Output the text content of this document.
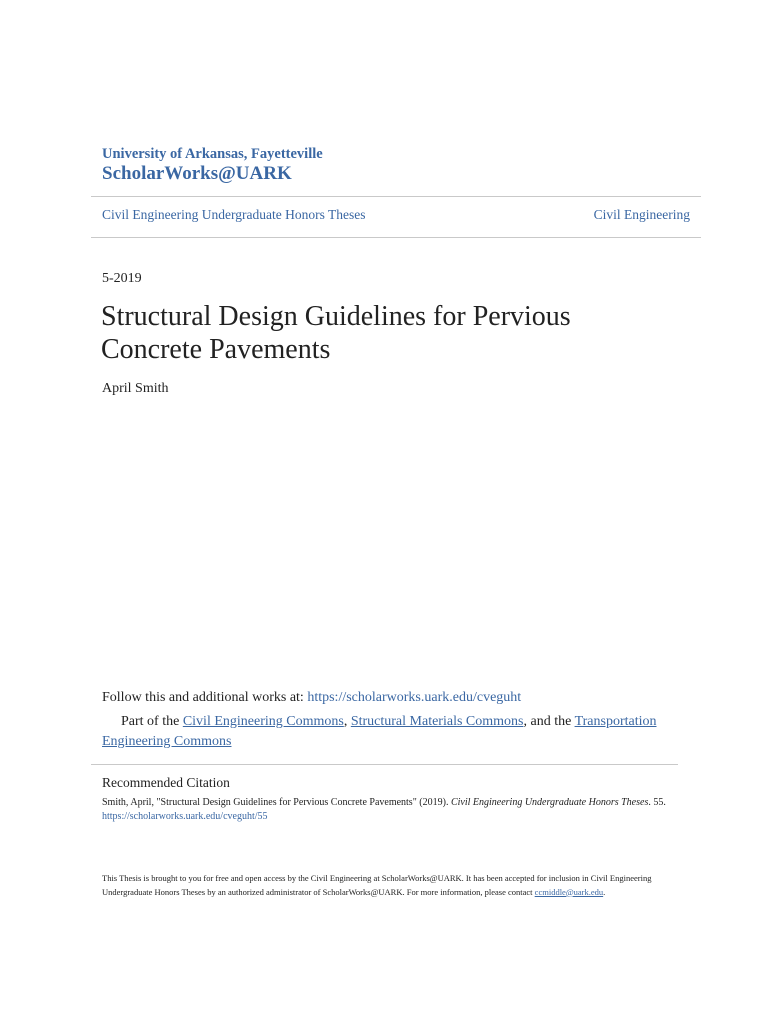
University of Arkansas, Fayetteville
ScholarWorks@UARK
Civil Engineering Undergraduate Honors Theses	Civil Engineering
5-2019
Structural Design Guidelines for Pervious Concrete Pavements
April Smith
Follow this and additional works at: https://scholarworks.uark.edu/cveguht
Part of the Civil Engineering Commons, Structural Materials Commons, and the Transportation Engineering Commons
Recommended Citation
Smith, April, "Structural Design Guidelines for Pervious Concrete Pavements" (2019). Civil Engineering Undergraduate Honors Theses. 55.
https://scholarworks.uark.edu/cveguht/55
This Thesis is brought to you for free and open access by the Civil Engineering at ScholarWorks@UARK. It has been accepted for inclusion in Civil Engineering Undergraduate Honors Theses by an authorized administrator of ScholarWorks@UARK. For more information, please contact ccmiddle@uark.edu.
